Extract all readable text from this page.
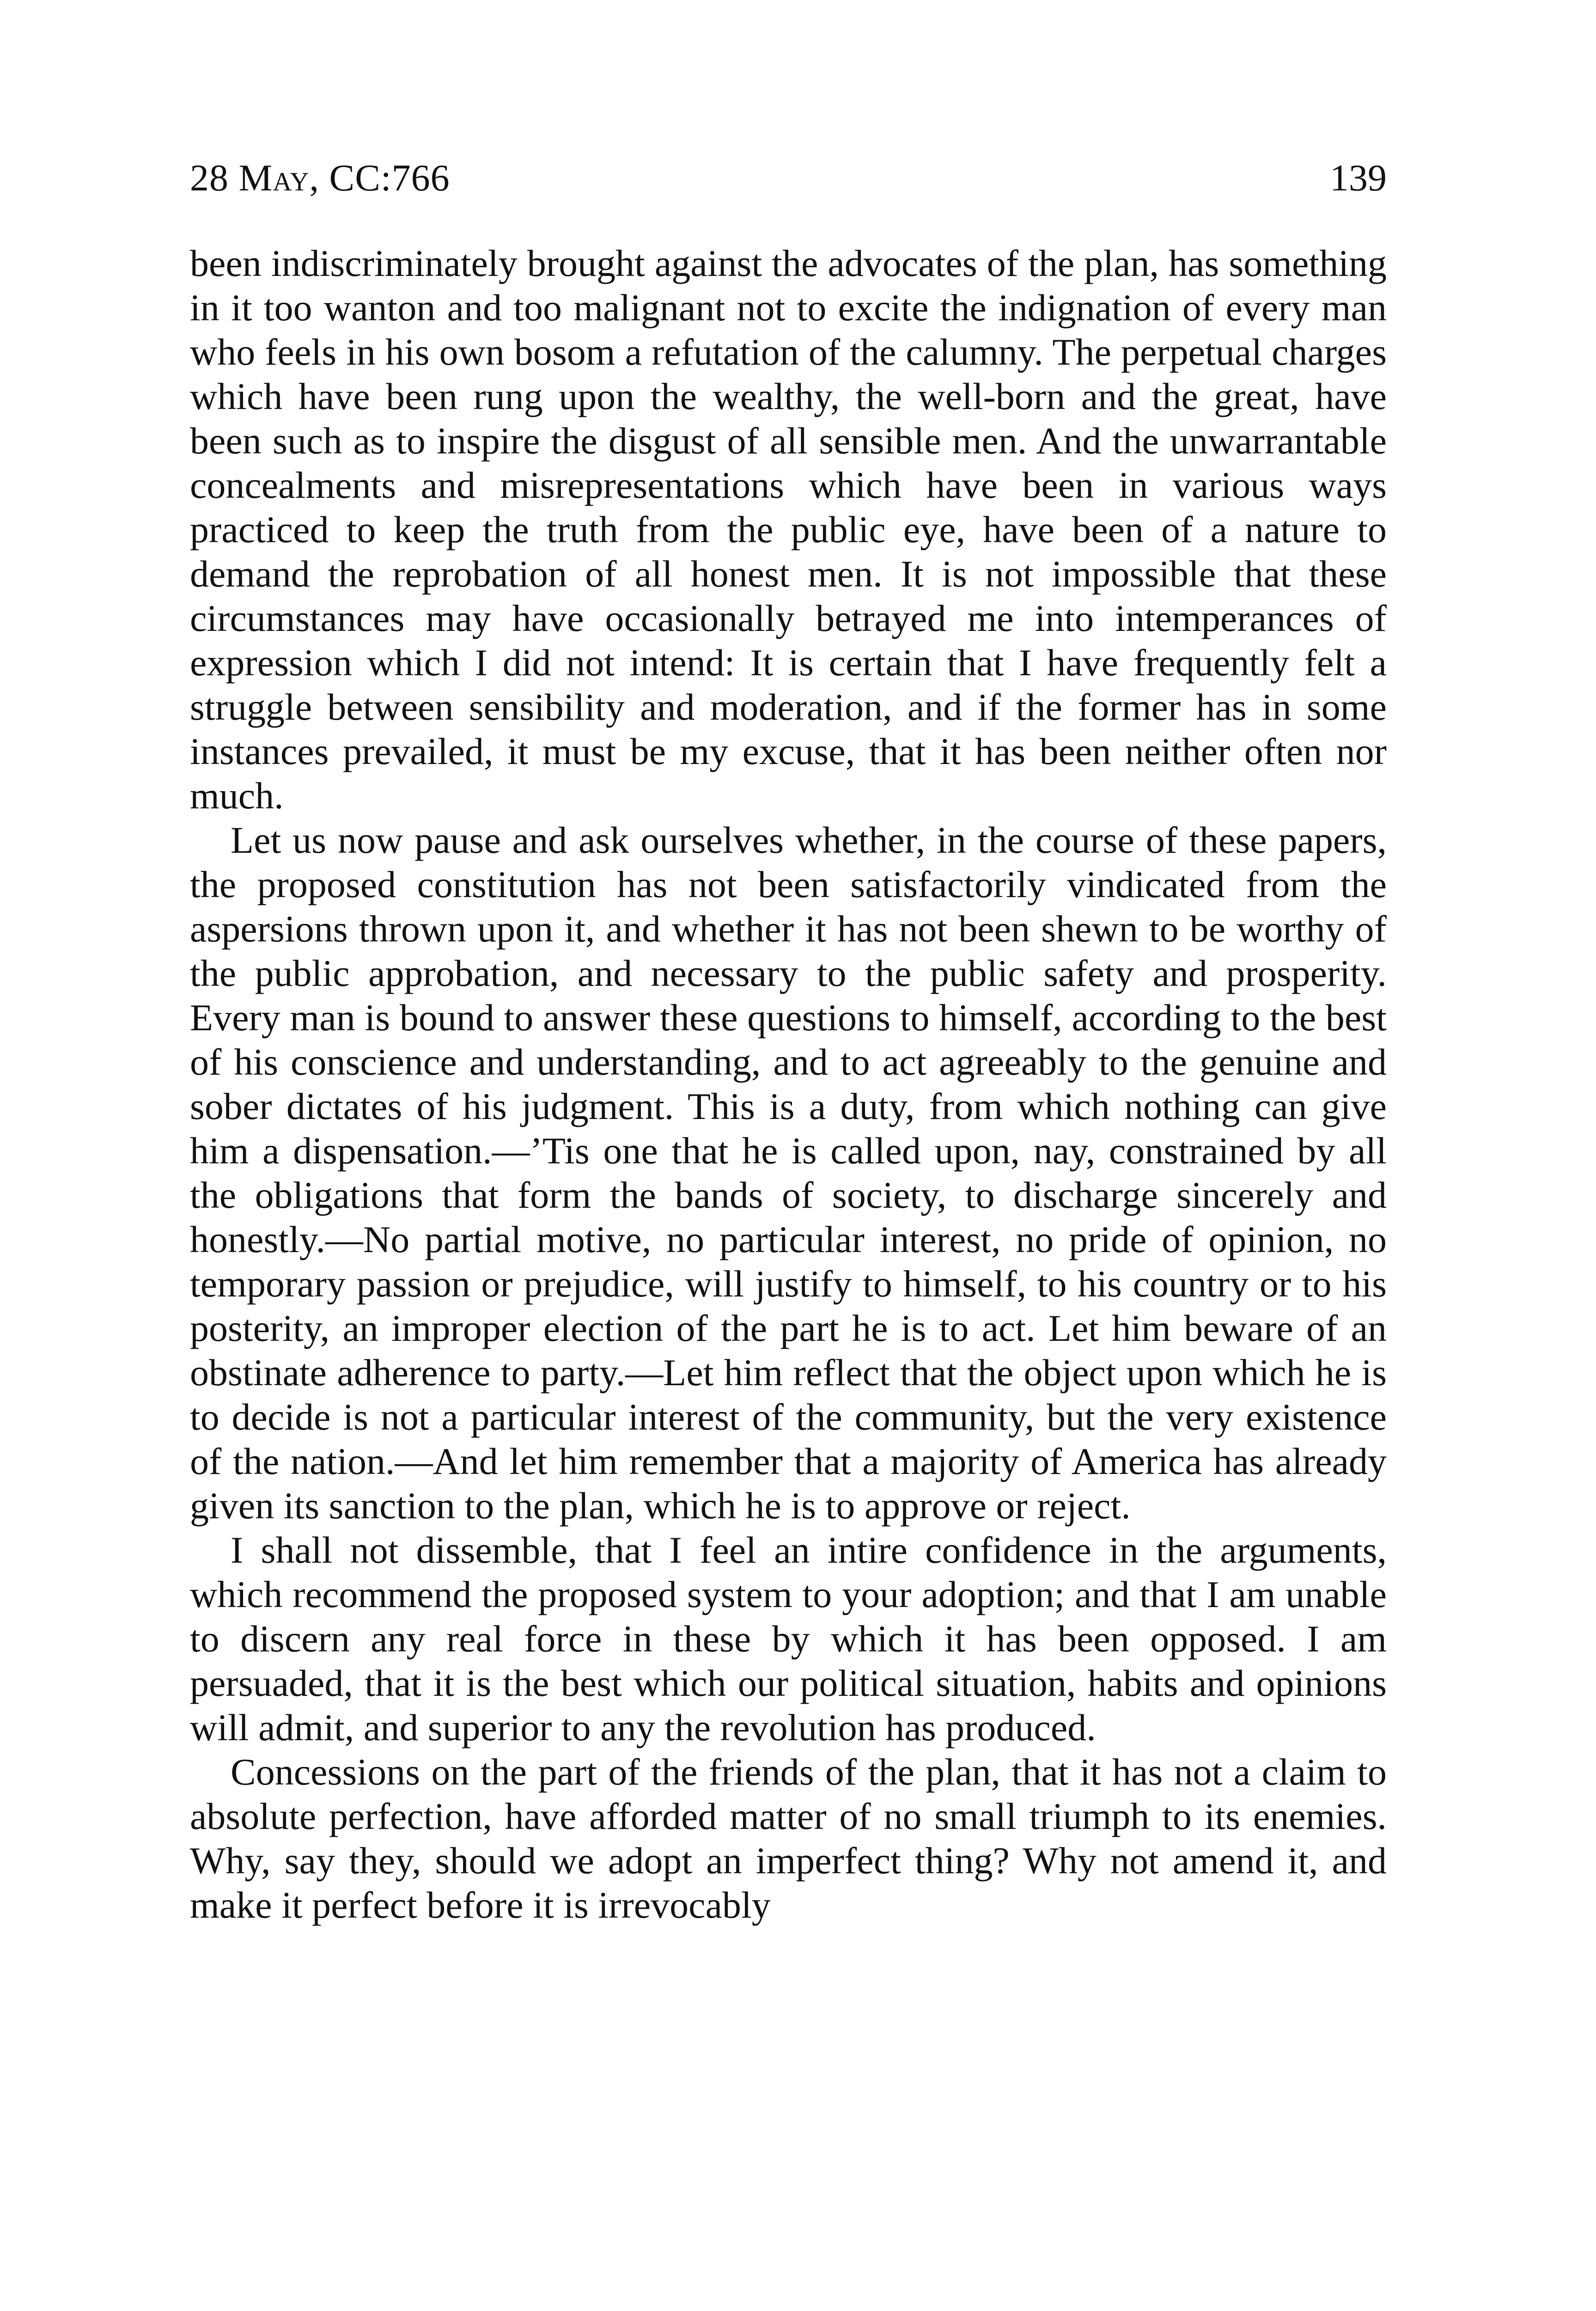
28 May, CC:766	139

been indiscriminately brought against the advocates of the plan, has something in it too wanton and too malignant not to excite the indignation of every man who feels in his own bosom a refutation of the calumny. The perpetual charges which have been rung upon the wealthy, the well-born and the great, have been such as to inspire the disgust of all sensible men. And the unwarrantable concealments and misrepresentations which have been in various ways practiced to keep the truth from the public eye, have been of a nature to demand the reprobation of all honest men. It is not impossible that these circumstances may have occasionally betrayed me into intemperances of expression which I did not intend: It is certain that I have frequently felt a struggle between sensibility and moderation, and if the former has in some instances prevailed, it must be my excuse, that it has been neither often nor much.

Let us now pause and ask ourselves whether, in the course of these papers, the proposed constitution has not been satisfactorily vindicated from the aspersions thrown upon it, and whether it has not been shewn to be worthy of the public approbation, and necessary to the public safety and prosperity. Every man is bound to answer these questions to himself, according to the best of his conscience and understanding, and to act agreeably to the genuine and sober dictates of his judgment. This is a duty, from which nothing can give him a dispensation.—’Tis one that he is called upon, nay, constrained by all the obligations that form the bands of society, to discharge sincerely and honestly.—No partial motive, no particular interest, no pride of opinion, no temporary passion or prejudice, will justify to himself, to his country or to his posterity, an improper election of the part he is to act. Let him beware of an obstinate adherence to party.—Let him reflect that the object upon which he is to decide is not a particular interest of the community, but the very existence of the nation.—And let him remember that a majority of America has already given its sanction to the plan, which he is to approve or reject.

I shall not dissemble, that I feel an intire confidence in the arguments, which recommend the proposed system to your adoption; and that I am unable to discern any real force in these by which it has been opposed. I am persuaded, that it is the best which our political situation, habits and opinions will admit, and superior to any the revolution has produced.

Concessions on the part of the friends of the plan, that it has not a claim to absolute perfection, have afforded matter of no small triumph to its enemies. Why, say they, should we adopt an imperfect thing? Why not amend it, and make it perfect before it is irrevocably
